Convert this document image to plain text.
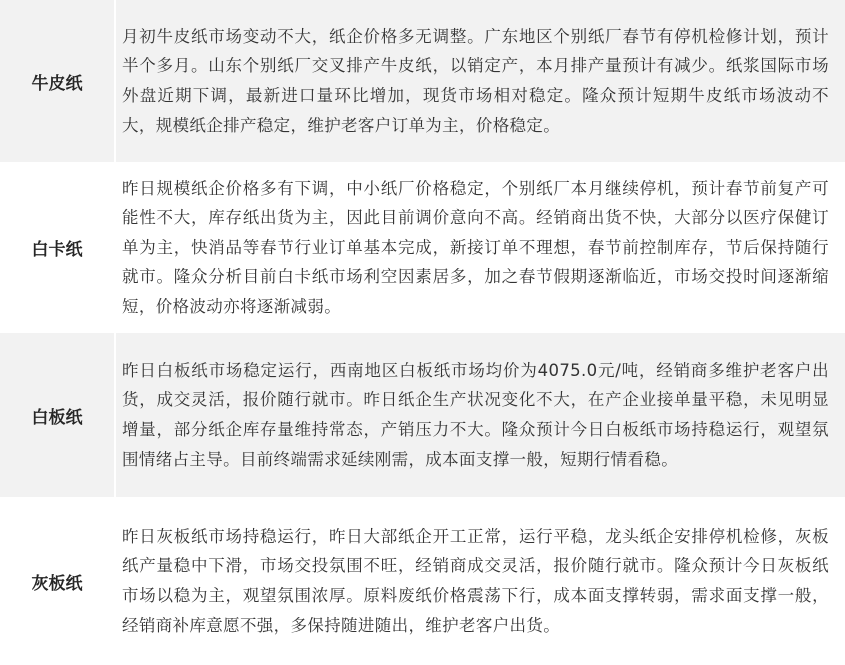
牛皮纸

月初牛皮纸市场变动不大，纸企价格多无调整。广东地区个别纸厂春节有停机检修计划，预计半个多月。山东个别纸厂交叉排产牛皮纸，以销定产，本月排产量预计有减少。纸浆国际市场外盘近期下调，最新进口量环比增加，现货市场相对稳定。隆众预计短期牛皮纸市场波动不大，规模纸企排产稳定，维护老客户订单为主，价格稳定。

白卡纸

昨日规模纸企价格多有下调，中小纸厂价格稳定，个别纸厂本月继续停机，预计春节前复产可能性不大，库存纸出货为主，因此目前调价意向不高。经销商出货不快，大部分以医疗保健订单为主，快消品等春节行业订单基本完成，新接订单不理想，春节前控制库存，节后保持随行就市。隆众分析目前白卡纸市场利空因素居多，加之春节假期逐渐临近，市场交投时间逐渐缩短，价格波动亦将逐渐减弱。

白板纸

昨日白板纸市场稳定运行，西南地区白板纸市场均价为4075.0元/吨，经销商多维护老客户出货，成交灵活，报价随行就市。昨日纸企生产状况变化不大，在产企业接单量平稳，未见明显增量，部分纸企库存量维持常态，产销压力不大。隆众预计今日白板纸市场持稳运行，观望氛围情绪占主导。目前终端需求延续刚需，成本面支撑一般，短期行情看稳。

灰板纸

昨日灰板纸市场持稳运行，昨日大部纸企开工正常，运行平稳，龙头纸企安排停机检修，灰板纸产量稳中下滑，市场交投氛围不旺，经销商成交灵活，报价随行就市。隆众预计今日灰板纸市场以稳为主，观望氛围浓厚。原料废纸价格震荡下行，成本面支撑转弱，需求面支撑一般，经销商补库意愿不强，多保持随进随出，维护老客户出货。
